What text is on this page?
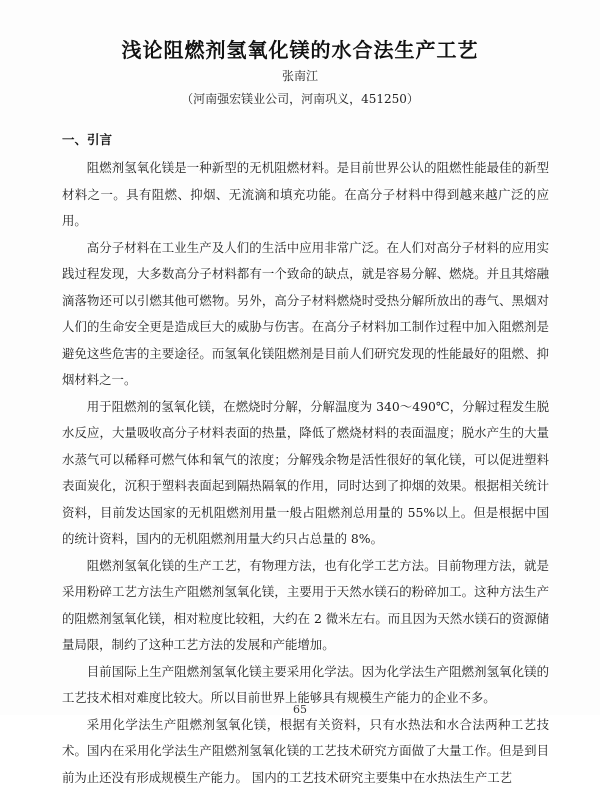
浅论阻燃剂氢氧化镁的水合法生产工艺
张南江
（河南强宏镁业公司，河南巩义，451250）
一、引言

阻燃剂氢氧化镁是一种新型的无机阻燃材料。是目前世界公认的阻燃性能最佳的新型材料之一。具有阻燃、抑烟、无流滴和填充功能。在高分子材料中得到越来越广泛的应用。

高分子材料在工业生产及人们的生活中应用非常广泛。在人们对高分子材料的应用实践过程发现，大多数高分子材料都有一个致命的缺点，就是容易分解、燃烧。并且其熔融滴落物还可以引燃其他可燃物。另外，高分子材料燃烧时受热分解所放出的毒气、黑烟对人们的生命安全更是造成巨大的威胁与伤害。在高分子材料加工制作过程中加入阻燃剂是避免这些危害的主要途径。而氢氧化镁阻燃剂是目前人们研究发现的性能最好的阻燃、抑烟材料之一。

用于阻燃剂的氢氧化镁，在燃烧时分解，分解温度为 340～490℃，分解过程发生脱水反应，大量吸收高分子材料表面的热量，降低了燃烧材料的表面温度；脱水产生的大量水蒸气可以稀释可燃气体和氧气的浓度；分解残余物是活性很好的氧化镁，可以促进塑料表面炭化，沉积于塑料表面起到隔热隔氧的作用，同时达到了抑烟的效果。根据相关统计资料，目前发达国家的无机阻燃剂用量一般占阻燃剂总用量的 55%以上。但是根据中国的统计资料，国内的无机阻燃剂用量大约只占总量的 8%。

阻燃剂氢氧化镁的生产工艺，有物理方法，也有化学工艺方法。目前物理方法，就是采用粉碎工艺方法生产阻燃剂氢氧化镁，主要用于天然水镁石的粉碎加工。这种方法生产的阻燃剂氢氧化镁，相对粒度比较粗，大约在 2 微米左右。而且因为天然水镁石的资源储量局限，制约了这种工艺方法的发展和产能增加。

目前国际上生产阻燃剂氢氧化镁主要采用化学法。因为化学法生产阻燃剂氢氧化镁的工艺技术相对难度比较大。所以目前世界上能够具有规模生产能力的企业不多。

采用化学法生产阻燃剂氢氧化镁，根据有关资料，只有水热法和水合法两种工艺技术。国内在采用化学法生产阻燃剂氢氧化镁的工艺技术研究方面做了大量工作。但是到目前为止还没有形成规模生产能力。 国内的工艺技术研究主要集中在水热法生产工艺

65
